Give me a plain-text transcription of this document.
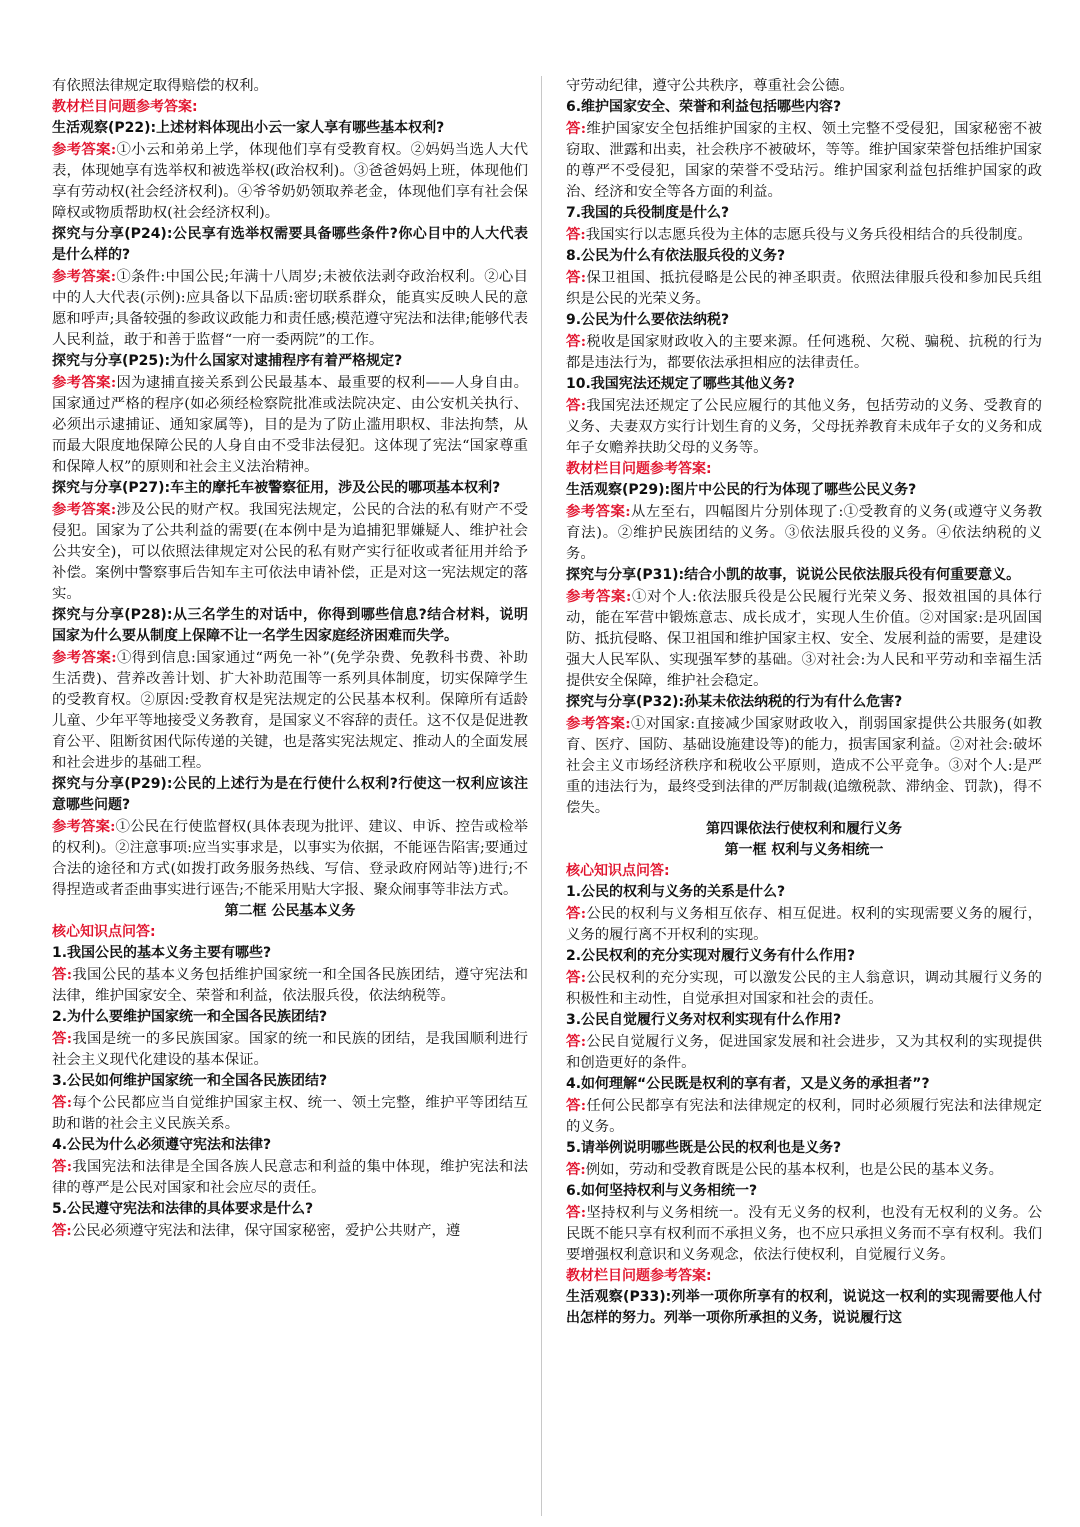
有依照法律规定取得赔偿的权利。

教材栏目问题参考答案:

生活观察(P22):上述材料体现出小云一家人享有哪些基本权利?

参考答案:①小云和弟弟上学，体现他们享有受教育权。②妈妈当选人大代表，体现她享有选举权和被选举权(政治权利)。③爸爸妈妈上班，体现他们享有劳动权(社会经济权利)。④爷爷奶奶领取养老金，体现他们享有社会保障权或物质帮助权(社会经济权利)。

探究与分享(P24):公民享有选举权需要具备哪些条件?你心目中的人大代表是什么样的?

参考答案:①条件:中国公民;年满十八周岁;未被依法剥夺政治权利。②心目中的人大代表(示例):应具备以下品质:密切联系群众，能真实反映人民的意愿和呼声;具备较强的参政议政能力和责任感;模范遵守宪法和法律;能够代表人民利益，敢于和善于监督“一府一委两院”的工作。

探究与分享(P25):为什么国家对逮捕程序有着严格规定?

参考答案:因为逮捕直接关系到公民最基本、最重要的权利——人身自由。国家通过严格的程序(如必须经检察院批准或法院决定、由公安机关执行、必须出示逮捕证、通知家属等)，目的是为了防止滥用职权、非法拘禁，从而最大限度地保障公民的人身自由不受非法侵犯。这体现了宪法“国家尊重和保障人权”的原则和社会主义法治精神。

探究与分享(P27):车主的摩托车被警察征用，涉及公民的哪项基本权利?

参考答案:涉及公民的财产权。我国宪法规定，公民的合法的私有财产不受侵犯。国家为了公共利益的需要(在本例中是为追捕犯罪嫌疑人、维护社会公共安全)，可以依照法律规定对公民的私有财产实行征收或者征用并给予补偿。案例中警察事后告知车主可依法申请补偿，正是对这一宪法规定的落实。

探究与分享(P28):从三名学生的对话中，你得到哪些信息?结合材料，说明国家为什么要从制度上保障不让一名学生因家庭经济困难而失学。

参考答案:①得到信息:国家通过“两免一补”(免学杂费、免教科书费、补助生活费)、营养改善计划、扩大补助范围等一系列具体制度，切实保障学生的受教育权。②原因:受教育权是宪法规定的公民基本权利。保障所有适龄儿童、少年平等地接受义务教育，是国家义不容辞的责任。这不仅是促进教育公平、阻断贫困代际传递的关键，也是落实宪法规定、推动人的全面发展和社会进步的基础工程。

探究与分享(P29):公民的上述行为是在行使什么权利?行使这一权利应该注意哪些问题?

参考答案:①公民在行使监督权(具体表现为批评、建议、申诉、控告或检举的权利)。②注意事项:应当实事求是，以事实为依据，不能诬告陷害;要通过合法的途径和方式(如拨打政务服务热线、写信、登录政府网站等)进行;不得捏造或者歪曲事实进行诬告;不能采用贴大字报、聚众闹事等非法方式。

第二框 公民基本义务

核心知识点问答:

1.我国公民的基本义务主要有哪些?

答:我国公民的基本义务包括维护国家统一和全国各民族团结，遵守宪法和法律，维护国家安全、荣誉和利益，依法服兵役，依法纳税等。

2.为什么要维护国家统一和全国各民族团结?

答:我国是统一的多民族国家。国家的统一和民族的团结，是我国顺利进行社会主义现代化建设的基本保证。

3.公民如何维护国家统一和全国各民族团结?

答:每个公民都应当自觉维护国家主权、统一、领土完整，维护平等团结互助和谐的社会主义民族关系。

4.公民为什么必须遵守宪法和法律?

答:我国宪法和法律是全国各族人民意志和利益的集中体现，维护宪法和法律的尊严是公民对国家和社会应尽的责任。

5.公民遵守宪法和法律的具体要求是什么?

答:公民必须遵守宪法和法律，保守国家秘密，爱护公共财产，遵

守劳动纪律，遵守公共秩序，尊重社会公德。

6.维护国家安全、荣誉和利益包括哪些内容?

答:维护国家安全包括维护国家的主权、领土完整不受侵犯，国家秘密不被窃取、泄露和出卖，社会秩序不被破坏，等等。维护国家荣誉包括维护国家的尊严不受侵犯，国家的荣誉不受玷污。维护国家利益包括维护国家的政治、经济和安全等各方面的利益。

7.我国的兵役制度是什么?

答:我国实行以志愿兵役为主体的志愿兵役与义务兵役相结合的兵役制度。

8.公民为什么有依法服兵役的义务?

答:保卫祖国、抵抗侵略是公民的神圣职责。依照法律服兵役和参加民兵组织是公民的光荣义务。

9.公民为什么要依法纳税?

答:税收是国家财政收入的主要来源。任何逃税、欠税、骗税、抗税的行为都是违法行为，都要依法承担相应的法律责任。

10.我国宪法还规定了哪些其他义务?

答:我国宪法还规定了公民应履行的其他义务，包括劳动的义务、受教育的义务、夫妻双方实行计划生育的义务，父母抚养教育未成年子女的义务和成年子女赡养扶助父母的义务等。

教材栏目问题参考答案:

生活观察(P29):图片中公民的行为体现了哪些公民义务?

参考答案:从左至右，四幅图片分别体现了:①受教育的义务(或遵守义务教育法)。②维护民族团结的义务。③依法服兵役的义务。④依法纳税的义务。

探究与分享(P31):结合小凯的故事，说说公民依法服兵役有何重要意义。

参考答案:①对个人:依法服兵役是公民履行光荣义务、报效祖国的具体行动，能在军营中锻炼意志、成长成才，实现人生价值。②对国家:是巩固国防、抵抗侵略、保卫祖国和维护国家主权、安全、发展利益的需要，是建设强大人民军队、实现强军梦的基础。③对社会:为人民和平劳动和幸福生活提供安全保障，维护社会稳定。

探究与分享(P32):孙某未依法纳税的行为有什么危害?

参考答案:①对国家:直接减少国家财政收入，削弱国家提供公共服务(如教育、医疗、国防、基础设施建设等)的能力，损害国家利益。②对社会:破坏社会主义市场经济秩序和税收公平原则，造成不公平竞争。③对个人:是严重的违法行为，最终受到法律的严厉制裁(追缴税款、滞纳金、罚款)，得不偿失。

第四课依法行使权利和履行义务

第一框 权利与义务相统一

核心知识点问答:

1.公民的权利与义务的关系是什么?

答:公民的权利与义务相互依存、相互促进。权利的实现需要义务的履行，义务的履行离不开权利的实现。

2.公民权利的充分实现对履行义务有什么作用?

答:公民权利的充分实现，可以激发公民的主人翁意识，调动其履行义务的积极性和主动性，自觉承担对国家和社会的责任。

3.公民自觉履行义务对权利实现有什么作用?

答:公民自觉履行义务，促进国家发展和社会进步，又为其权利的实现提供和创造更好的条件。

4.如何理解“公民既是权利的享有者，又是义务的承担者”?

答:任何公民都享有宪法和法律规定的权利，同时必须履行宪法和法律规定的义务。

5.请举例说明哪些既是公民的权利也是义务?

答:例如，劳动和受教育既是公民的基本权利，也是公民的基本义务。

6.如何坚持权利与义务相统一?

答:坚持权利与义务相统一。没有无义务的权利，也没有无权利的义务。公民既不能只享有权利而不承担义务，也不应只承担义务而不享有权利。我们要增强权利意识和义务观念，依法行使权利，自觉履行义务。

教材栏目问题参考答案:

生活观察(P33):列举一项你所享有的权利，说说这一权利的实现需要他人付出怎样的努力。列举一项你所承担的义务，说说履行这
